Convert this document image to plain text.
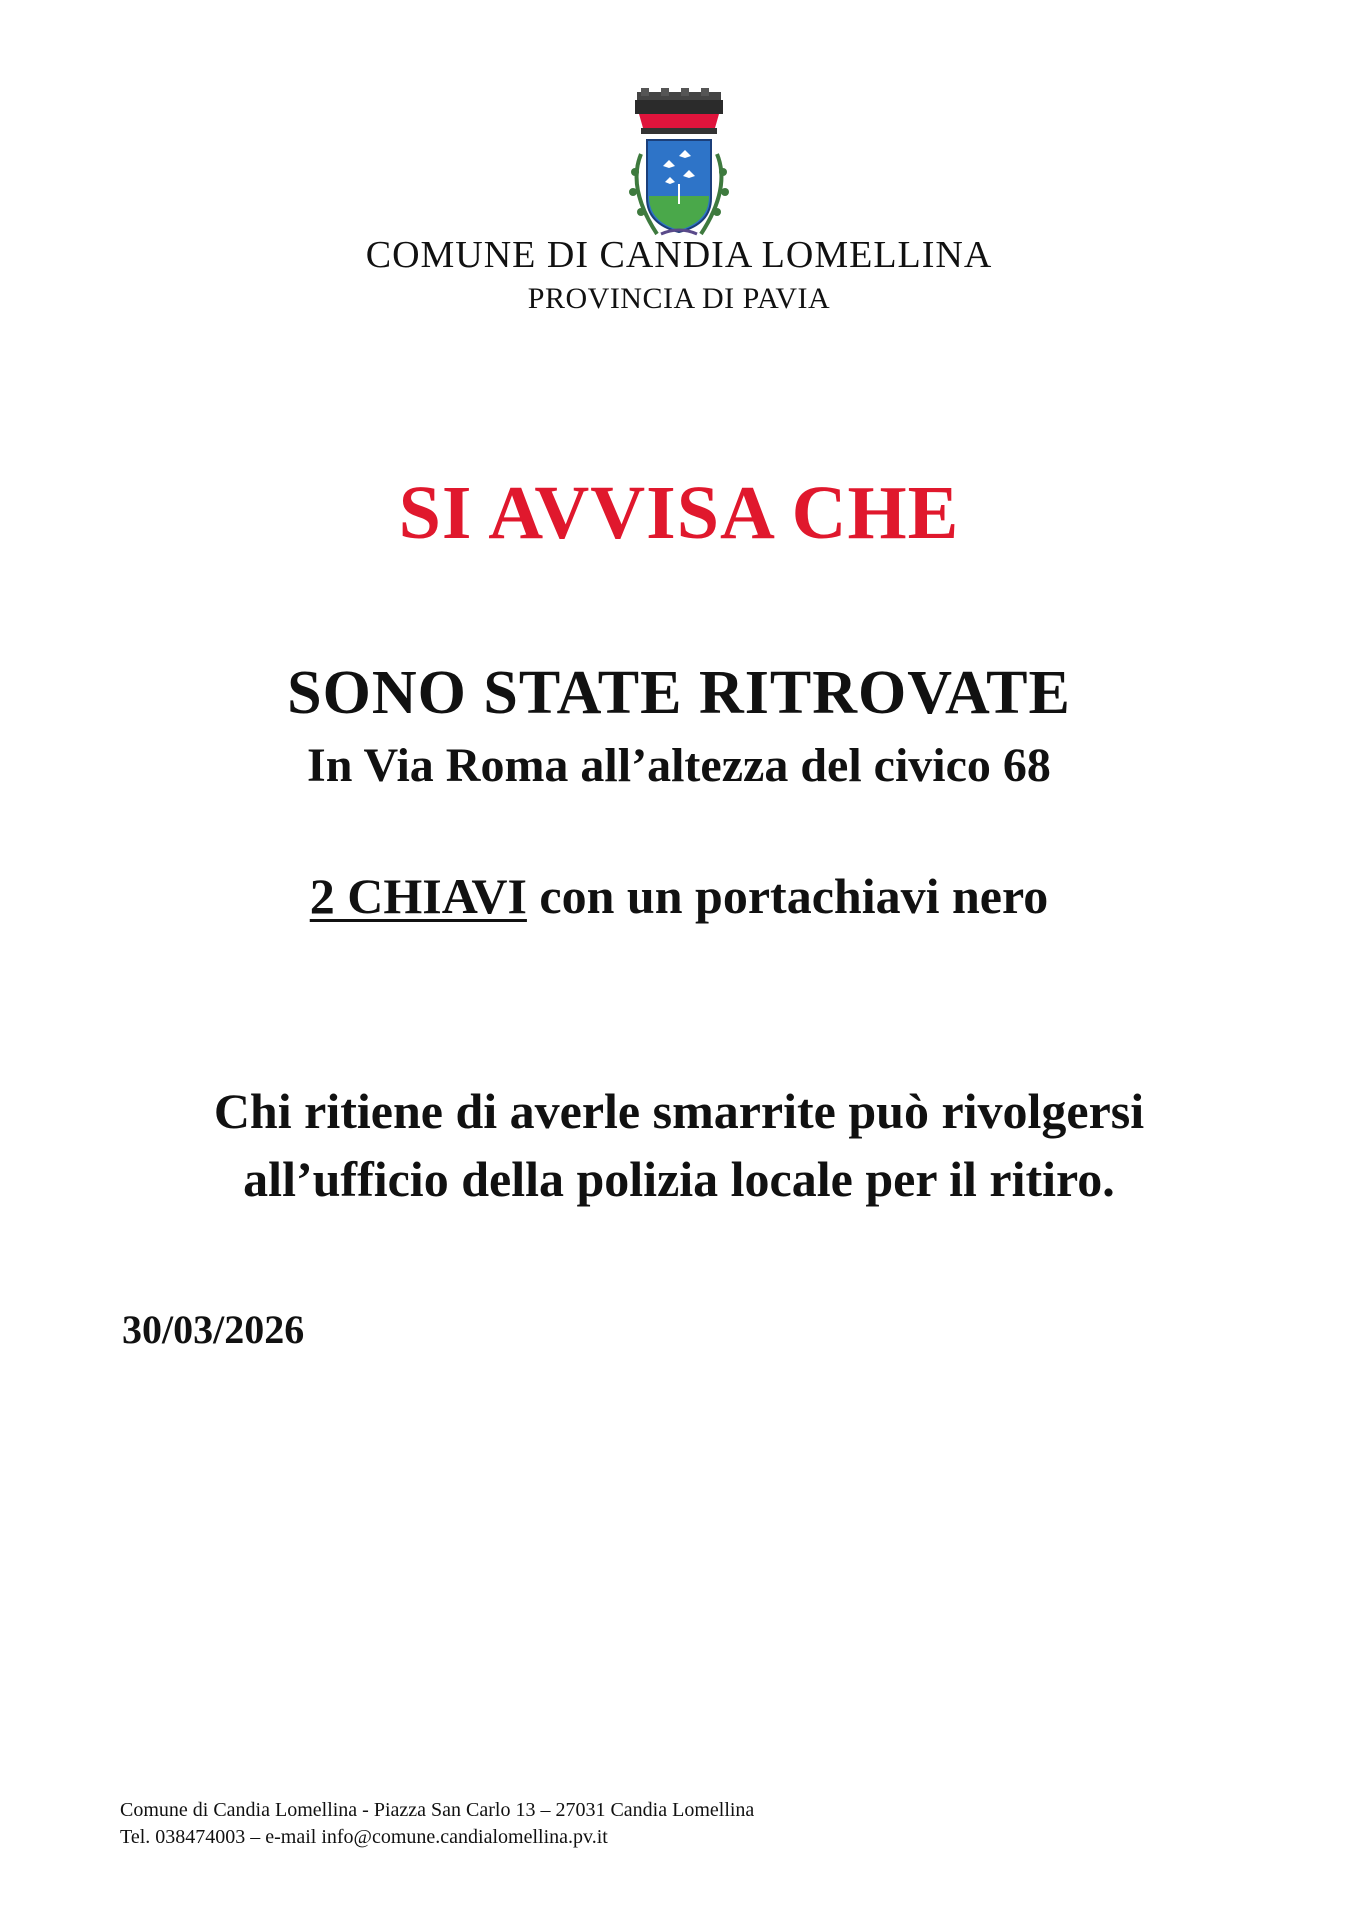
COMUNE DI CANDIA LOMELLINA
PROVINCIA DI PAVIA
SI AVVISA CHE
SONO STATE RITROVATE
In Via Roma all’altezza del civico 68
2 CHIAVI con un portachiavi nero
Chi ritiene di averle smarrite può rivolgersi
all’ufficio della polizia locale per il ritiro.
30/03/2026
Comune di Candia Lomellina - Piazza San Carlo 13 – 27031 Candia Lomellina
Tel. 038474003 – e-mail info@comune.candialomellina.pv.it
